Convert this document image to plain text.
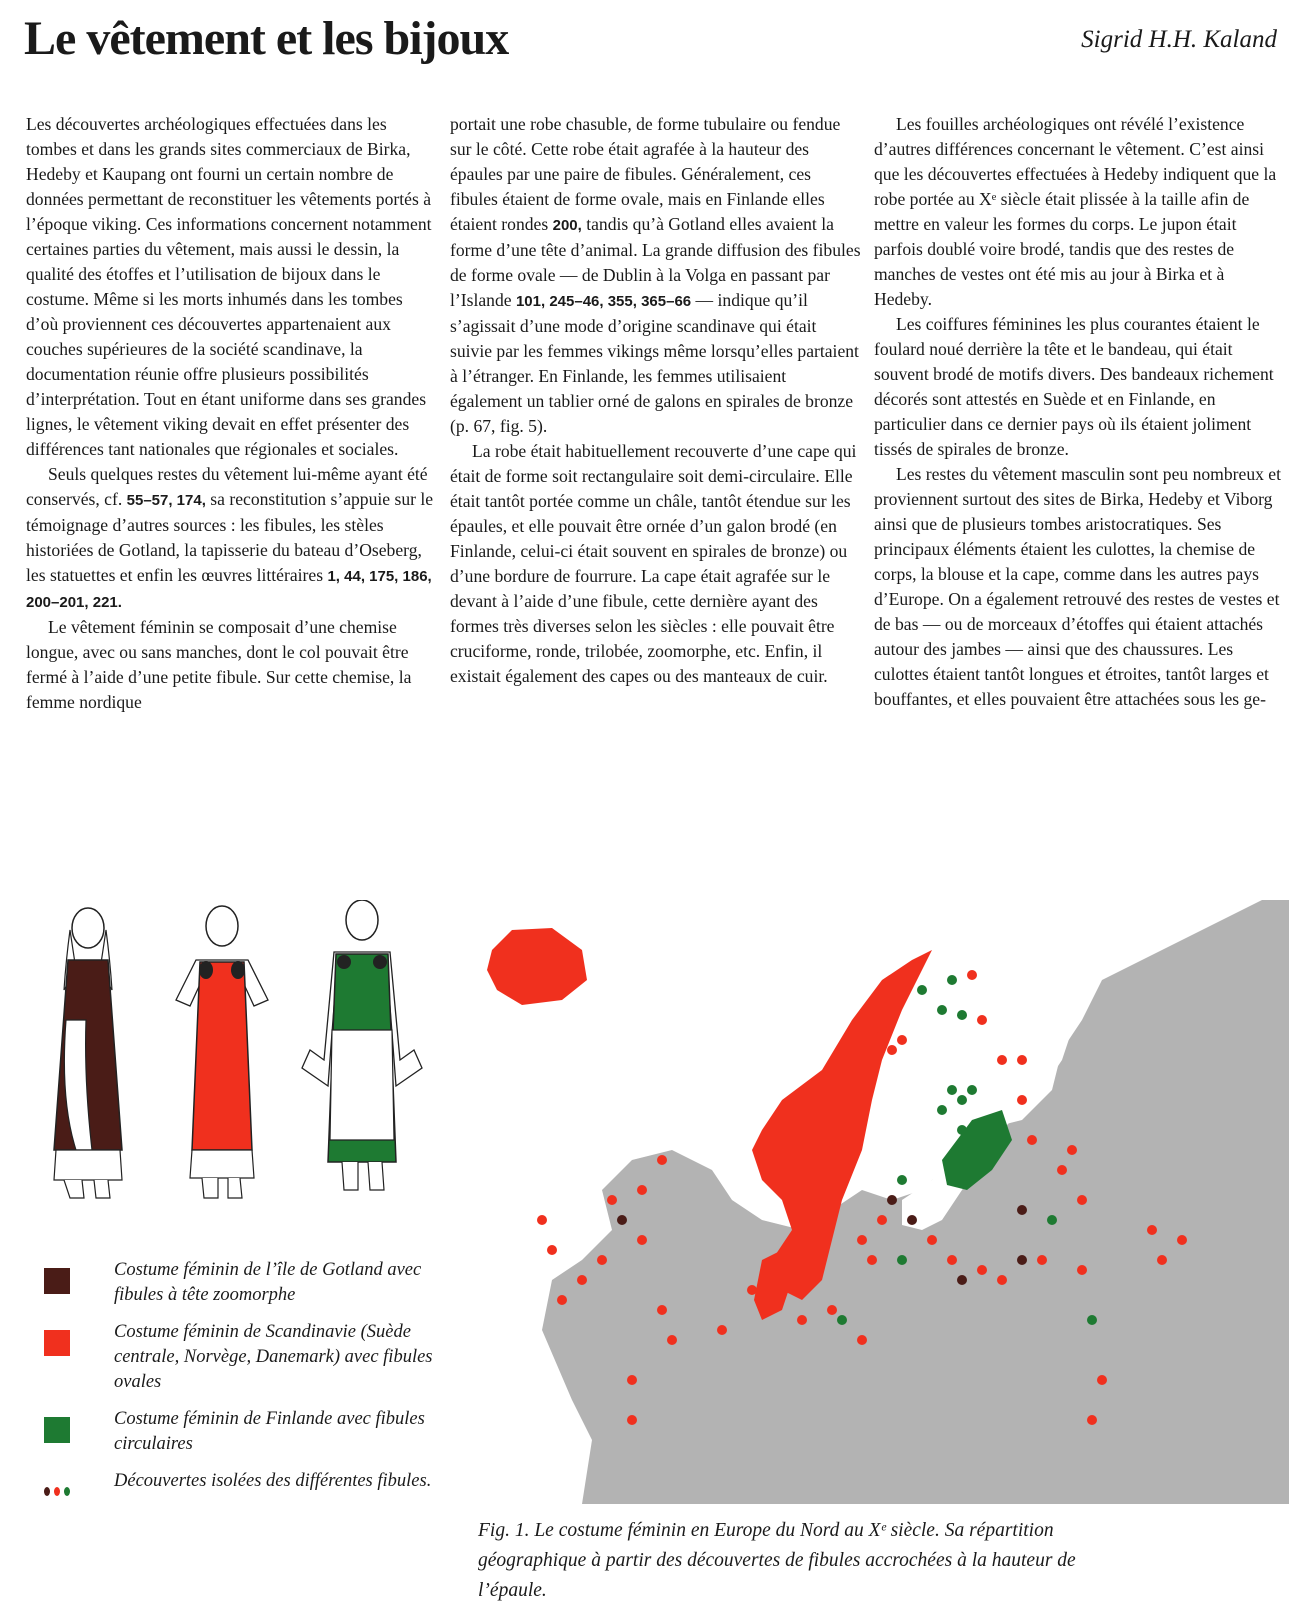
Le vêtement et les bijoux	Sigrid H.H. Kaland

Les découvertes archéologiques effectuées dans les tombes et dans les grands sites commerciaux de Birka, Hedeby et Kaupang ont fourni un certain nombre de données permettant de reconstituer les vêtements portés à l’époque viking. Ces informations concernent notamment certaines parties du vêtement, mais aussi le dessin, la qualité des étoffes et l’utilisation de bijoux dans le costume. Même si les morts inhumés dans les tombes d’où proviennent ces découvertes appartenaient aux couches supérieures de la société scandinave, la documentation réunie offre plusieurs possibilités d’interprétation. Tout en étant uniforme dans ses grandes lignes, le vêtement viking devait en effet présenter des différences tant nationales que régionales et sociales.

Seuls quelques restes du vêtement lui-même ayant été conservés, cf. 55–57, 174, sa reconstitution s’appuie sur le témoignage d’autres sources : les fibules, les stèles historiées de Gotland, la tapisserie du bateau d’Oseberg, les statuettes et enfin les œuvres littéraires 1, 44, 175, 186, 200–201, 221.

Le vêtement féminin se composait d’une chemise longue, avec ou sans manches, dont le col pouvait être fermé à l’aide d’une petite fibule. Sur cette chemise, la femme nordique

portait une robe chasuble, de forme tubulaire ou fendue sur le côté. Cette robe était agrafée à la hauteur des épaules par une paire de fibules. Généralement, ces fibules étaient de forme ovale, mais en Finlande elles étaient rondes 200, tandis qu’à Gotland elles avaient la forme d’une tête d’animal. La grande diffusion des fibules de forme ovale — de Dublin à la Volga en passant par l’Islande 101, 245–46, 355, 365–66 — indique qu’il s’agissait d’une mode d’origine scandinave qui était suivie par les femmes vikings même lorsqu’elles partaient à l’étranger. En Finlande, les femmes utilisaient également un tablier orné de galons en spirales de bronze (p. 67, fig. 5).

La robe était habituellement recouverte d’une cape qui était de forme soit rectangulaire soit demi-circulaire. Elle était tantôt portée comme un châle, tantôt étendue sur les épaules, et elle pouvait être ornée d’un galon brodé (en Finlande, celui-ci était souvent en spirales de bronze) ou d’une bordure de fourrure. La cape était agrafée sur le devant à l’aide d’une fibule, cette dernière ayant des formes très diverses selon les siècles : elle pouvait être cruciforme, ronde, trilobée, zoomorphe, etc. Enfin, il existait également des capes ou des manteaux de cuir.

Les fouilles archéologiques ont révélé l’existence d’autres différences concernant le vêtement. C’est ainsi que les découvertes effectuées à Hedeby indiquent que la robe portée au Xᵉ siècle était plissée à la taille afin de mettre en valeur les formes du corps. Le jupon était parfois doublé voire brodé, tandis que des restes de manches de vestes ont été mis au jour à Birka et à Hedeby.

Les coiffures féminines les plus courantes étaient le foulard noué derrière la tête et le bandeau, qui était souvent brodé de motifs divers. Des bandeaux richement décorés sont attestés en Suède et en Finlande, en particulier dans ce dernier pays où ils étaient joliment tissés de spirales de bronze.

Les restes du vêtement masculin sont peu nombreux et proviennent surtout des sites de Birka, Hedeby et Viborg ainsi que de plusieurs tombes aristocratiques. Ses principaux éléments étaient les culottes, la chemise de corps, la blouse et la cape, comme dans les autres pays d’Europe. On a également retrouvé des restes de vestes et de bas — ou de morceaux d’étoffes qui étaient attachés autour des jambes — ainsi que des chaussures. Les culottes étaient tantôt longues et étroites, tantôt larges et bouffantes, et elles pouvaient être attachées sous les ge-

Costume féminin de l’île de Gotland avec fibules à tête zoomorphe
Costume féminin de Scandinavie (Suède centrale, Norvège, Danemark) avec fibules ovales
Costume féminin de Finlande avec fibules circulaires
Découvertes isolées des différentes fibules.
Fig. 1. Le costume féminin en Europe du Nord au Xᵉ siècle. Sa répartition géographique à partir des découvertes de fibules accrochées à la hauteur de l’épaule.
